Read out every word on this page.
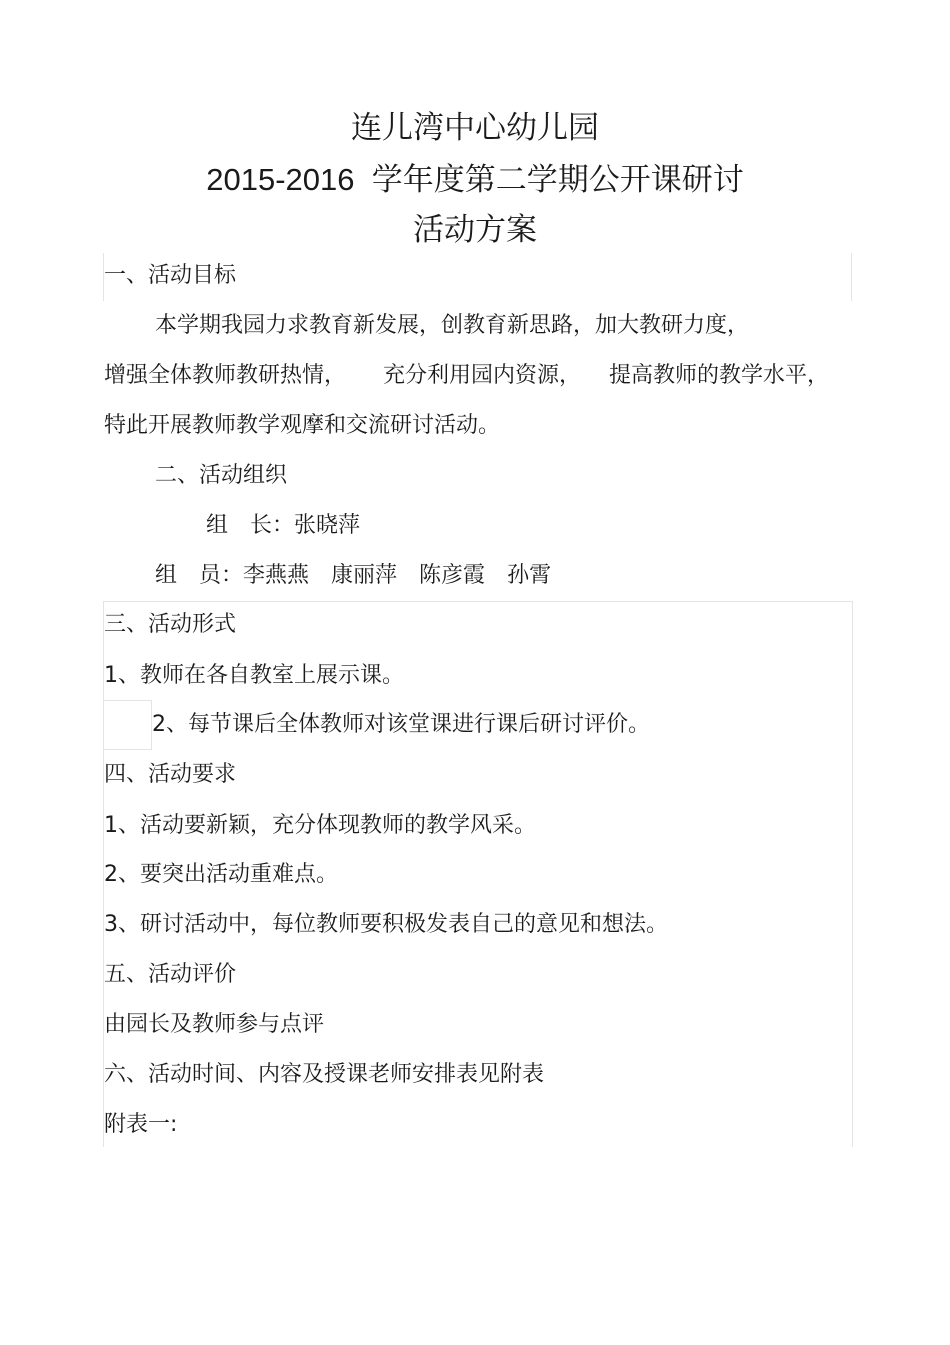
连儿湾中心幼儿园
2015-2016 学年度第二学期公开课研讨
活动方案
一、活动目标
本学期我园力求教育新发展，创教育新思路，加大教研力度，
增强全体教师教研热情， 充分利用园内资源， 提高教师的教学水平，
特此开展教师教学观摩和交流研讨活动。
二、活动组织
组　长：张晓萍
组　员：李燕燕 康丽萍 陈彦霞 孙霄
三、活动形式
1、教师在各自教室上展示课。
2、每节课后全体教师对该堂课进行课后研讨评价。
四、活动要求
1、活动要新颖，充分体现教师的教学风采。
2、要突出活动重难点。
3、研讨活动中，每位教师要积极发表自己的意见和想法。
五、活动评价
由园长及教师参与点评
六、活动时间、内容及授课老师安排表见附表
附表一:
